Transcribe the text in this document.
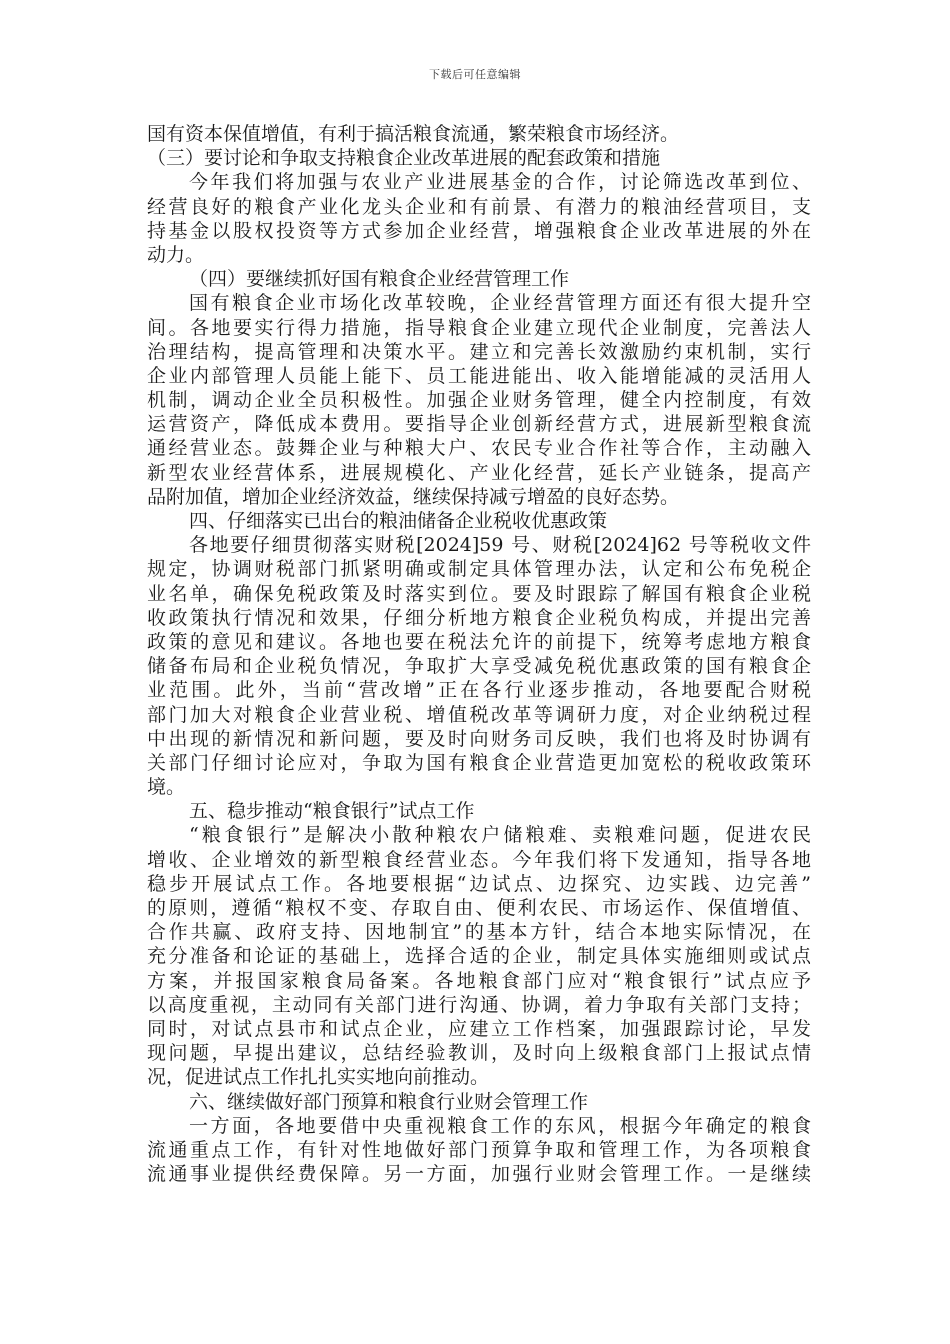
下载后可任意编辑
国有资本保值增值，有利于搞活粮食流通，繁荣粮食市场经济。
（三）要讨论和争取支持粮食企业改革进展的配套政策和措施
今年我们将加强与农业产业进展基金的合作，讨论筛选改革到位、
经营良好的粮食产业化龙头企业和有前景、有潜力的粮油经营项目，支
持基金以股权投资等方式参加企业经营，增强粮食企业改革进展的外在
动力。
（四）要继续抓好国有粮食企业经营管理工作
国有粮食企业市场化改革较晚，企业经营管理方面还有很大提升空
间。各地要实行得力措施，指导粮食企业建立现代企业制度，完善法人
治理结构，提高管理和决策水平。建立和完善长效激励约束机制，实行
企业内部管理人员能上能下、员工能进能出、收入能增能减的灵活用人
机制，调动企业全员积极性。加强企业财务管理，健全内控制度，有效
运营资产，降低成本费用。要指导企业创新经营方式，进展新型粮食流
通经营业态。鼓舞企业与种粮大户、农民专业合作社等合作，主动融入
新型农业经营体系，进展规模化、产业化经营，延长产业链条，提高产
品附加值，增加企业经济效益，继续保持减亏增盈的良好态势。
四、仔细落实已出台的粮油储备企业税收优惠政策
各地要仔细贯彻落实财税[2024]59 号、财税[2024]62 号等税收文件
规定，协调财税部门抓紧明确或制定具体管理办法，认定和公布免税企
业名单，确保免税政策及时落实到位。要及时跟踪了解国有粮食企业税
收政策执行情况和效果，仔细分析地方粮食企业税负构成，并提出完善
政策的意见和建议。各地也要在税法允许的前提下，统筹考虑地方粮食
储备布局和企业税负情况，争取扩大享受减免税优惠政策的国有粮食企
业范围。此外，当前“营改增”正在各行业逐步推动，各地要配合财税
部门加大对粮食企业营业税、增值税改革等调研力度，对企业纳税过程
中出现的新情况和新问题，要及时向财务司反映，我们也将及时协调有
关部门仔细讨论应对，争取为国有粮食企业营造更加宽松的税收政策环
境。
五、稳步推动“粮食银行”试点工作
“粮食银行”是解决小散种粮农户储粮难、卖粮难问题，促进农民
增收、企业增效的新型粮食经营业态。今年我们将下发通知，指导各地
稳步开展试点工作。各地要根据“边试点、边探究、边实践、边完善”
的原则，遵循“粮权不变、存取自由、便利农民、市场运作、保值增值、
合作共赢、政府支持、因地制宜”的基本方针，结合本地实际情况，在
充分准备和论证的基础上，选择合适的企业，制定具体实施细则或试点
方案，并报国家粮食局备案。各地粮食部门应对“粮食银行”试点应予
以高度重视，主动同有关部门进行沟通、协调，着力争取有关部门支持；
同时，对试点县市和试点企业，应建立工作档案，加强跟踪讨论，早发
现问题，早提出建议，总结经验教训，及时向上级粮食部门上报试点情
况，促进试点工作扎扎实实地向前推动。
六、继续做好部门预算和粮食行业财会管理工作
一方面，各地要借中央重视粮食工作的东风，根据今年确定的粮食
流通重点工作，有针对性地做好部门预算争取和管理工作，为各项粮食
流通事业提供经费保障。另一方面，加强行业财会管理工作。一是继续
